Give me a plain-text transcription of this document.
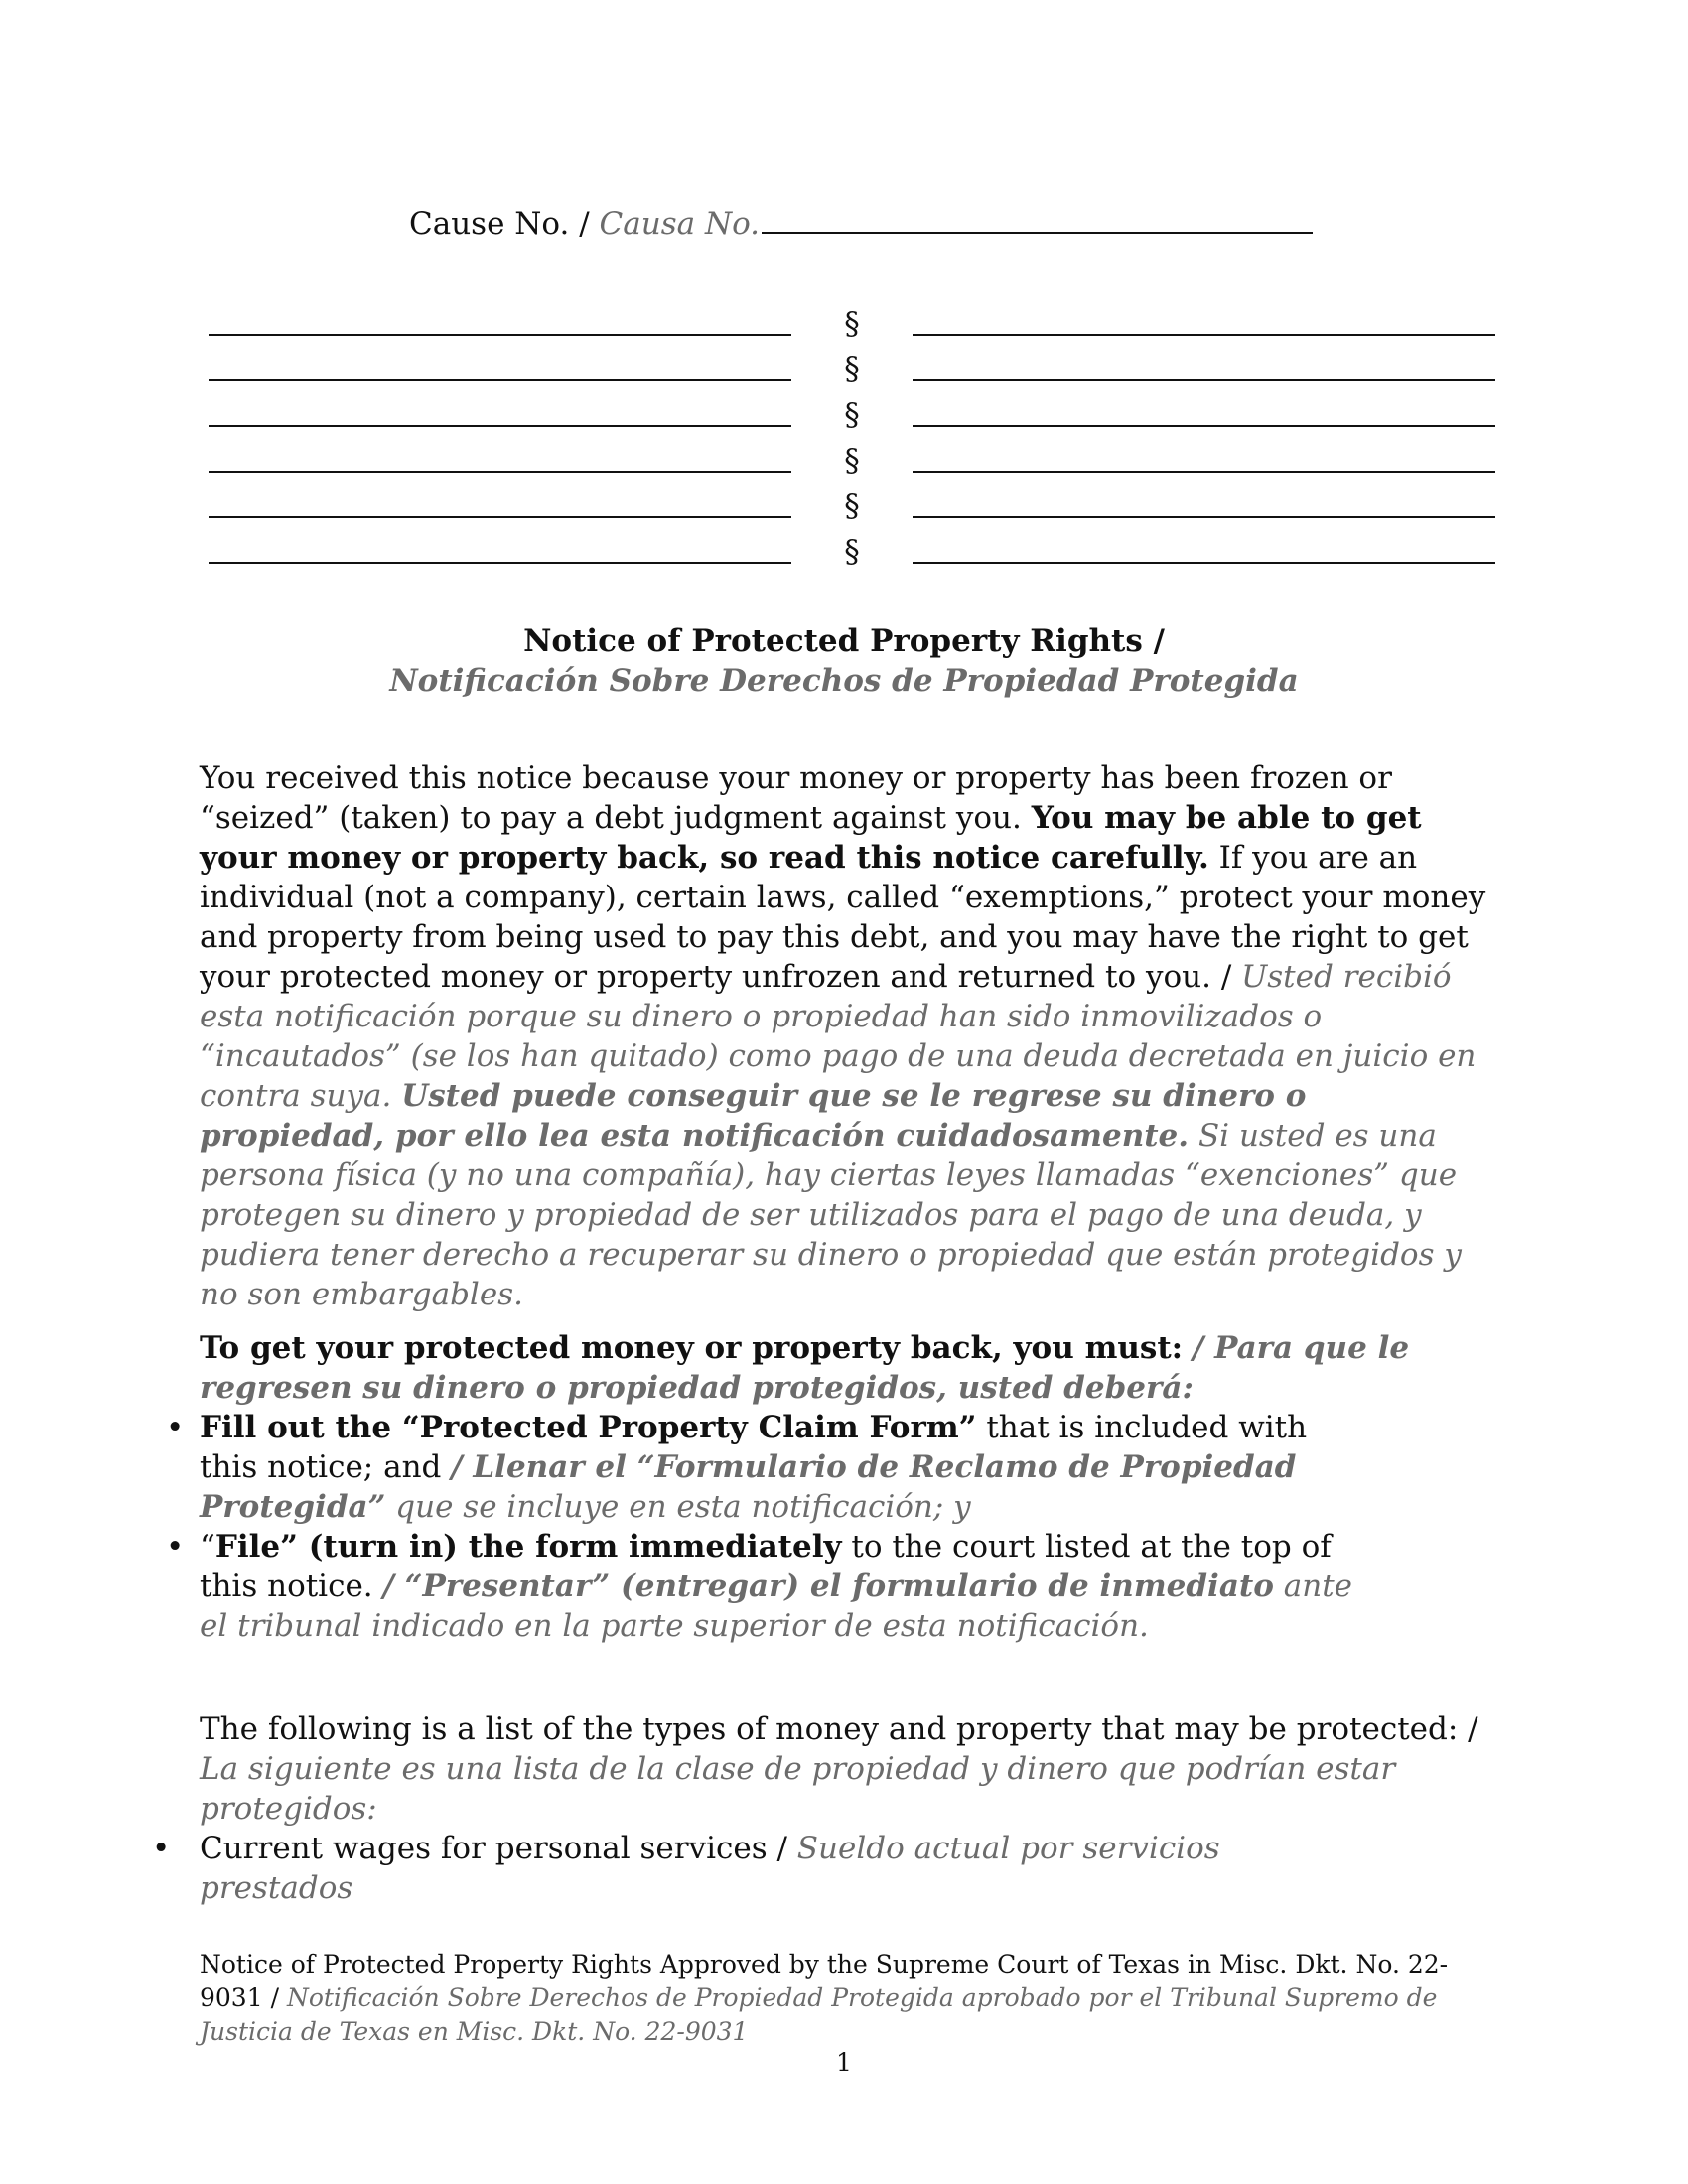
Cause No. / Causa No.
§
§
§
§
§
§
Notice of Protected Property Rights /
Notificación Sobre Derechos de Propiedad Protegida
You received this notice because your money or property has been frozen or “seized” (taken) to pay a debt judgment against you. You may be able to get your money or property back, so read this notice carefully. If you are an individual (not a company), certain laws, called “exemptions,” protect your money and property from being used to pay this debt, and you may have the right to get your protected money or property unfrozen and returned to you. / Usted recibió esta notificación porque su dinero o propiedad han sido inmovilizados o “incautados” (se los han quitado) como pago de una deuda decretada en juicio en contra suya. Usted puede conseguir que se le regrese su dinero o propiedad, por ello lea esta notificación cuidadosamente. Si usted es una persona física (y no una compañía), hay ciertas leyes llamadas “exenciones” que protegen su dinero y propiedad de ser utilizados para el pago de una deuda, y pudiera tener derecho a recuperar su dinero o propiedad que están protegidos y no son embargables.
To get your protected money or property back, you must: / Para que le regresen su dinero o propiedad protegidos, usted deberá:
• Fill out the “Protected Property Claim Form” that is included with this notice; and / Llenar el “Formulario de Reclamo de Propiedad Protegida” que se incluye en esta notificación; y
• “File” (turn in) the form immediately to the court listed at the top of this notice. / “Presentar” (entregar) el formulario de inmediato ante el tribunal indicado en la parte superior de esta notificación.
The following is a list of the types of money and property that may be protected: / La siguiente es una lista de la clase de propiedad y dinero que podrían estar protegidos:
• Current wages for personal services / Sueldo actual por servicios prestados
Notice of Protected Property Rights Approved by the Supreme Court of Texas in Misc. Dkt. No. 22-9031 / Notificación Sobre Derechos de Propiedad Protegida aprobado por el Tribunal Supremo de Justicia de Texas en Misc. Dkt. No. 22-9031
1
